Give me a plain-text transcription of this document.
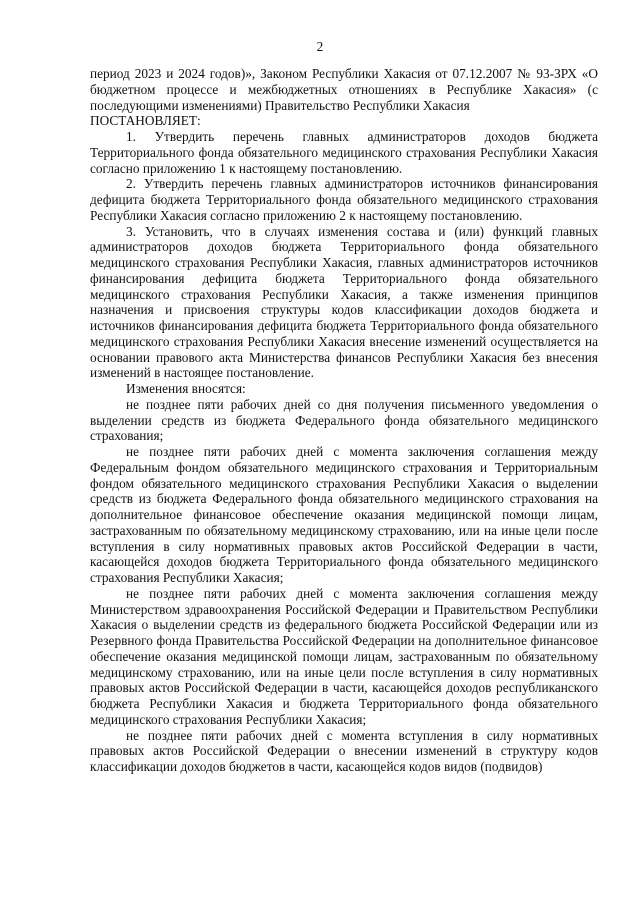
2

период 2023 и 2024 годов)», Законом Республики Хакасия от 07.12.2007 № 93-ЗРХ «О бюджетном процессе и межбюджетных отношениях в Республике Хакасия» (с последующими изменениями) Правительство Республики Хакасия

ПОСТАНОВЛЯЕТ:

1. Утвердить перечень главных администраторов доходов бюджета Территориального фонда обязательного медицинского страхования Республики Хакасия согласно приложению 1 к настоящему постановлению.

2. Утвердить перечень главных администраторов источников финансирования дефицита бюджета Территориального фонда обязательного медицинского страхования Республики Хакасия согласно приложению 2 к настоящему постановлению.

3. Установить, что в случаях изменения состава и (или) функций главных администраторов доходов бюджета Территориального фонда обязательного медицинского страхования Республики Хакасия, главных администраторов источников финансирования дефицита бюджета Территориального фонда обязательного медицинского страхования Республики Хакасия, а также изменения принципов назначения и присвоения структуры кодов классификации доходов бюджета и источников финансирования дефицита бюджета Территориального фонда обязательного медицинского страхования Республики Хакасия внесение изменений осуществляется на основании правового акта Министерства финансов Республики Хакасия без внесения изменений в настоящее постановление.

Изменения вносятся:

не позднее пяти рабочих дней со дня получения письменного уведомления о выделении средств из бюджета Федерального фонда обязательного медицинского страхования;

не позднее пяти рабочих дней с момента заключения соглашения между Федеральным фондом обязательного медицинского страхования и Территориальным фондом обязательного медицинского страхования Республики Хакасия о выделении средств из бюджета Федерального фонда обязательного медицинского страхования на дополнительное финансовое обеспечение оказания медицинской помощи лицам, застрахованным по обязательному медицинскому страхованию, или на иные цели после вступления в силу нормативных правовых актов Российской Федерации в части, касающейся доходов бюджета Территориального фонда обязательного медицинского страхования Республики Хакасия;

не позднее пяти рабочих дней с момента заключения соглашения между Министерством здравоохранения Российской Федерации и Правительством Республики Хакасия о выделении средств из федерального бюджета Российской Федерации или из Резервного фонда Правительства Российской Федерации на дополнительное финансовое обеспечение оказания медицинской помощи лицам, застрахованным по обязательному медицинскому страхованию, или на иные цели после вступления в силу нормативных правовых актов Российской Федерации в части, касающейся доходов республиканского бюджета Республики Хакасия и бюджета Территориального фонда обязательного медицинского страхования Республики Хакасия;

не позднее пяти рабочих дней с момента вступления в силу нормативных правовых актов Российской Федерации о внесении изменений в структуру кодов классификации доходов бюджетов в части, касающейся кодов видов (подвидов)
